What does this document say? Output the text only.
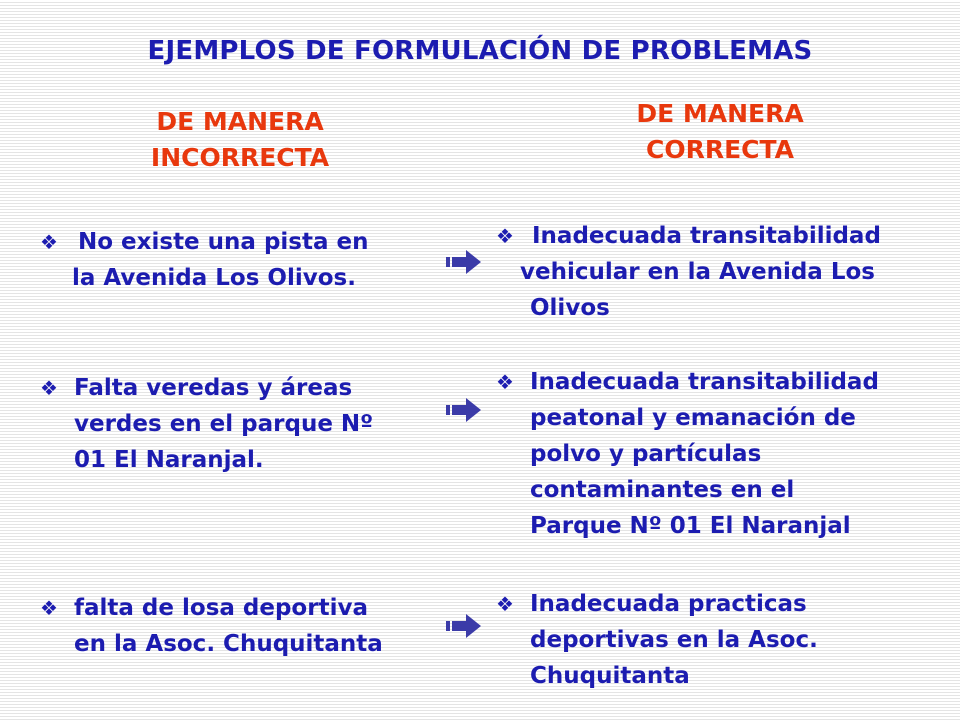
EJEMPLOS DE FORMULACIÓN DE PROBLEMAS
DE MANERA
INCORRECTA
DE MANERA
CORRECTA
❖ No existe una pista en
la Avenida Los Olivos.
❖ Falta veredas y áreas
verdes en el parque Nº
01 El Naranjal.
❖ falta de losa deportiva
en la Asoc. Chuquitanta
❖ Inadecuada transitabilidad
vehicular en la Avenida Los
Olivos
❖ Inadecuada transitabilidad
peatonal y emanación de
polvo y partículas
contaminantes en el
Parque Nº 01 El Naranjal
❖ Inadecuada practicas
deportivas en la Asoc.
Chuquitanta
